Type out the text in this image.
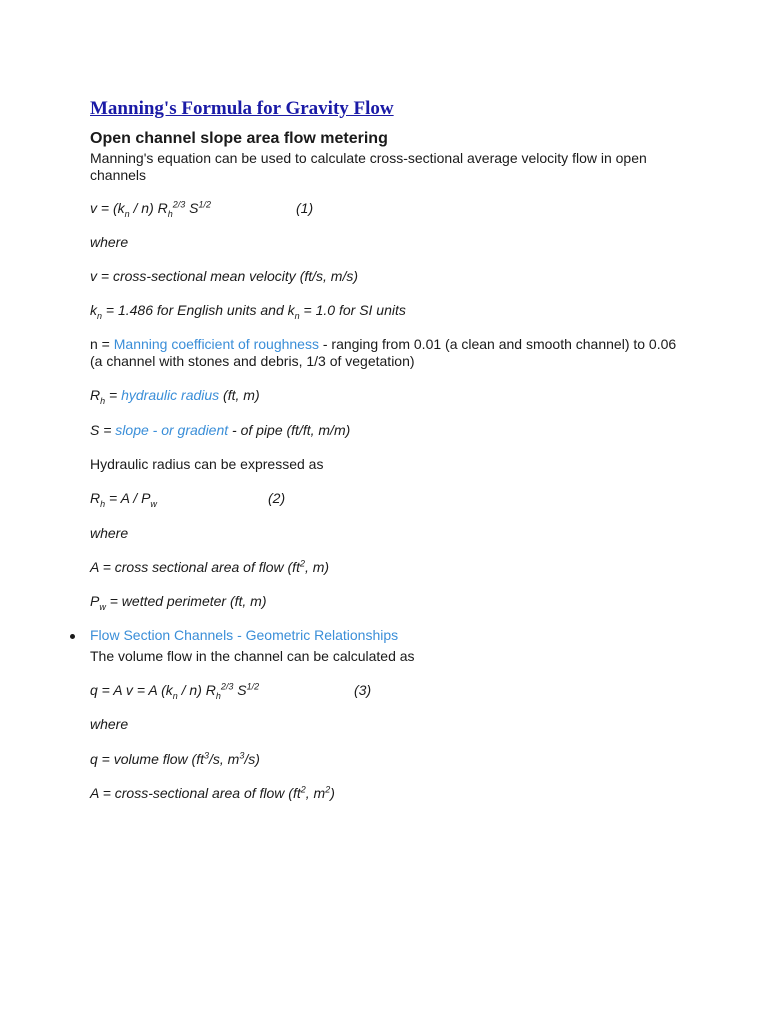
Manning's Formula for Gravity Flow
Open channel slope area flow metering

Manning's equation can be used to calculate cross-sectional average velocity flow in open channels

$v = (k_n / n)$ $R_h^{2/3}$ $S^{1/2}$	(1)

where

v = cross-sectional mean velocity (ft/s, m/s)

$k_n = 1.486$ for English units and $k_n = 1.0$ for SI units

n = Manning coefficient of roughness - ranging from 0.01 (a clean and smooth channel) to 0.06

(a channel with stones and debris, 1/3 of vegetation)

$R_h$ = hydraulic radius (ft, m)

S = slope - or gradient - of pipe (ft/ft, m/m)

Hydraulic radius can be expressed as

$R_h = A / P_w$	(2)

where

A = cross sectional area of flow ($ft^2$, m)

$P_w$ = wetted perimeter (ft, m)

Flow Section Channels - Geometric Relationships

The volume flow in the channel can be calculated as

q = A v = A $(k_n / n)$ $R_h^{2/3}$ $S^{1/2}$	(3)

where

q = volume flow ($ft^3/s$, $m^3/s$)

A = cross-sectional area of flow ($ft^2$, $m^2$)
